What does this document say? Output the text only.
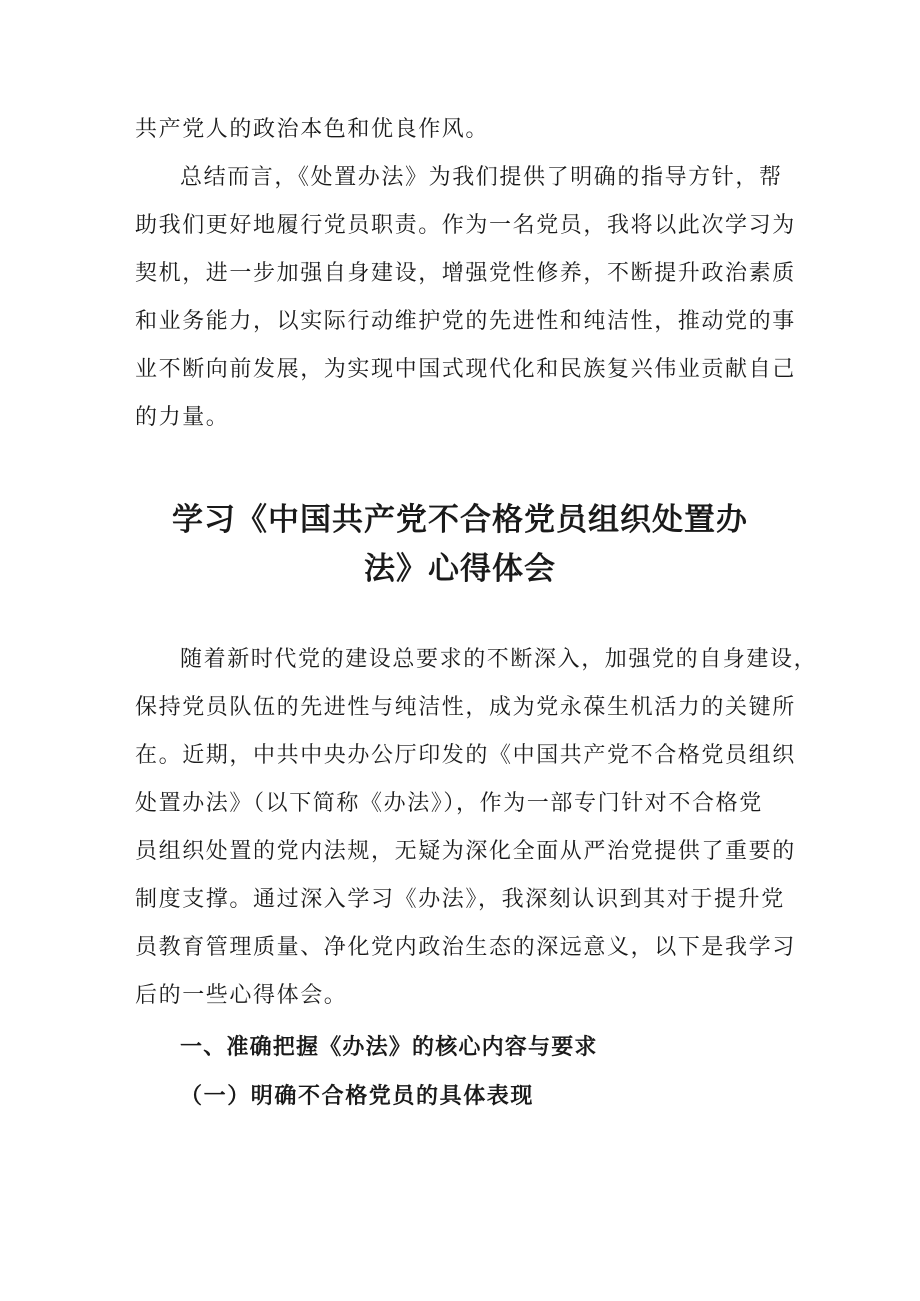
共产党人的政治本色和优良作风。

总结而言，《处置办法》为我们提供了明确的指导方针，帮

助我们更好地履行党员职责。作为一名党员，我将以此次学习为

契机，进一步加强自身建设，增强党性修养，不断提升政治素质

和业务能力，以实际行动维护党的先进性和纯洁性，推动党的事

业不断向前发展，为实现中国式现代化和民族复兴伟业贡献自己

的力量。

学习《中国共产党不合格党员组织处置办
法》心得体会

随着新时代党的建设总要求的不断深入，加强党的自身建设，

保持党员队伍的先进性与纯洁性，成为党永葆生机活力的关键所

在。近期，中共中央办公厅印发的《中国共产党不合格党员组织

处置办法》（以下简称《办法》），作为一部专门针对不合格党

员组织处置的党内法规，无疑为深化全面从严治党提供了重要的

制度支撑。通过深入学习《办法》，我深刻认识到其对于提升党

员教育管理质量、净化党内政治生态的深远意义，以下是我学习

后的一些心得体会。

一、准确把握《办法》的核心内容与要求
（一）明确不合格党员的具体表现
